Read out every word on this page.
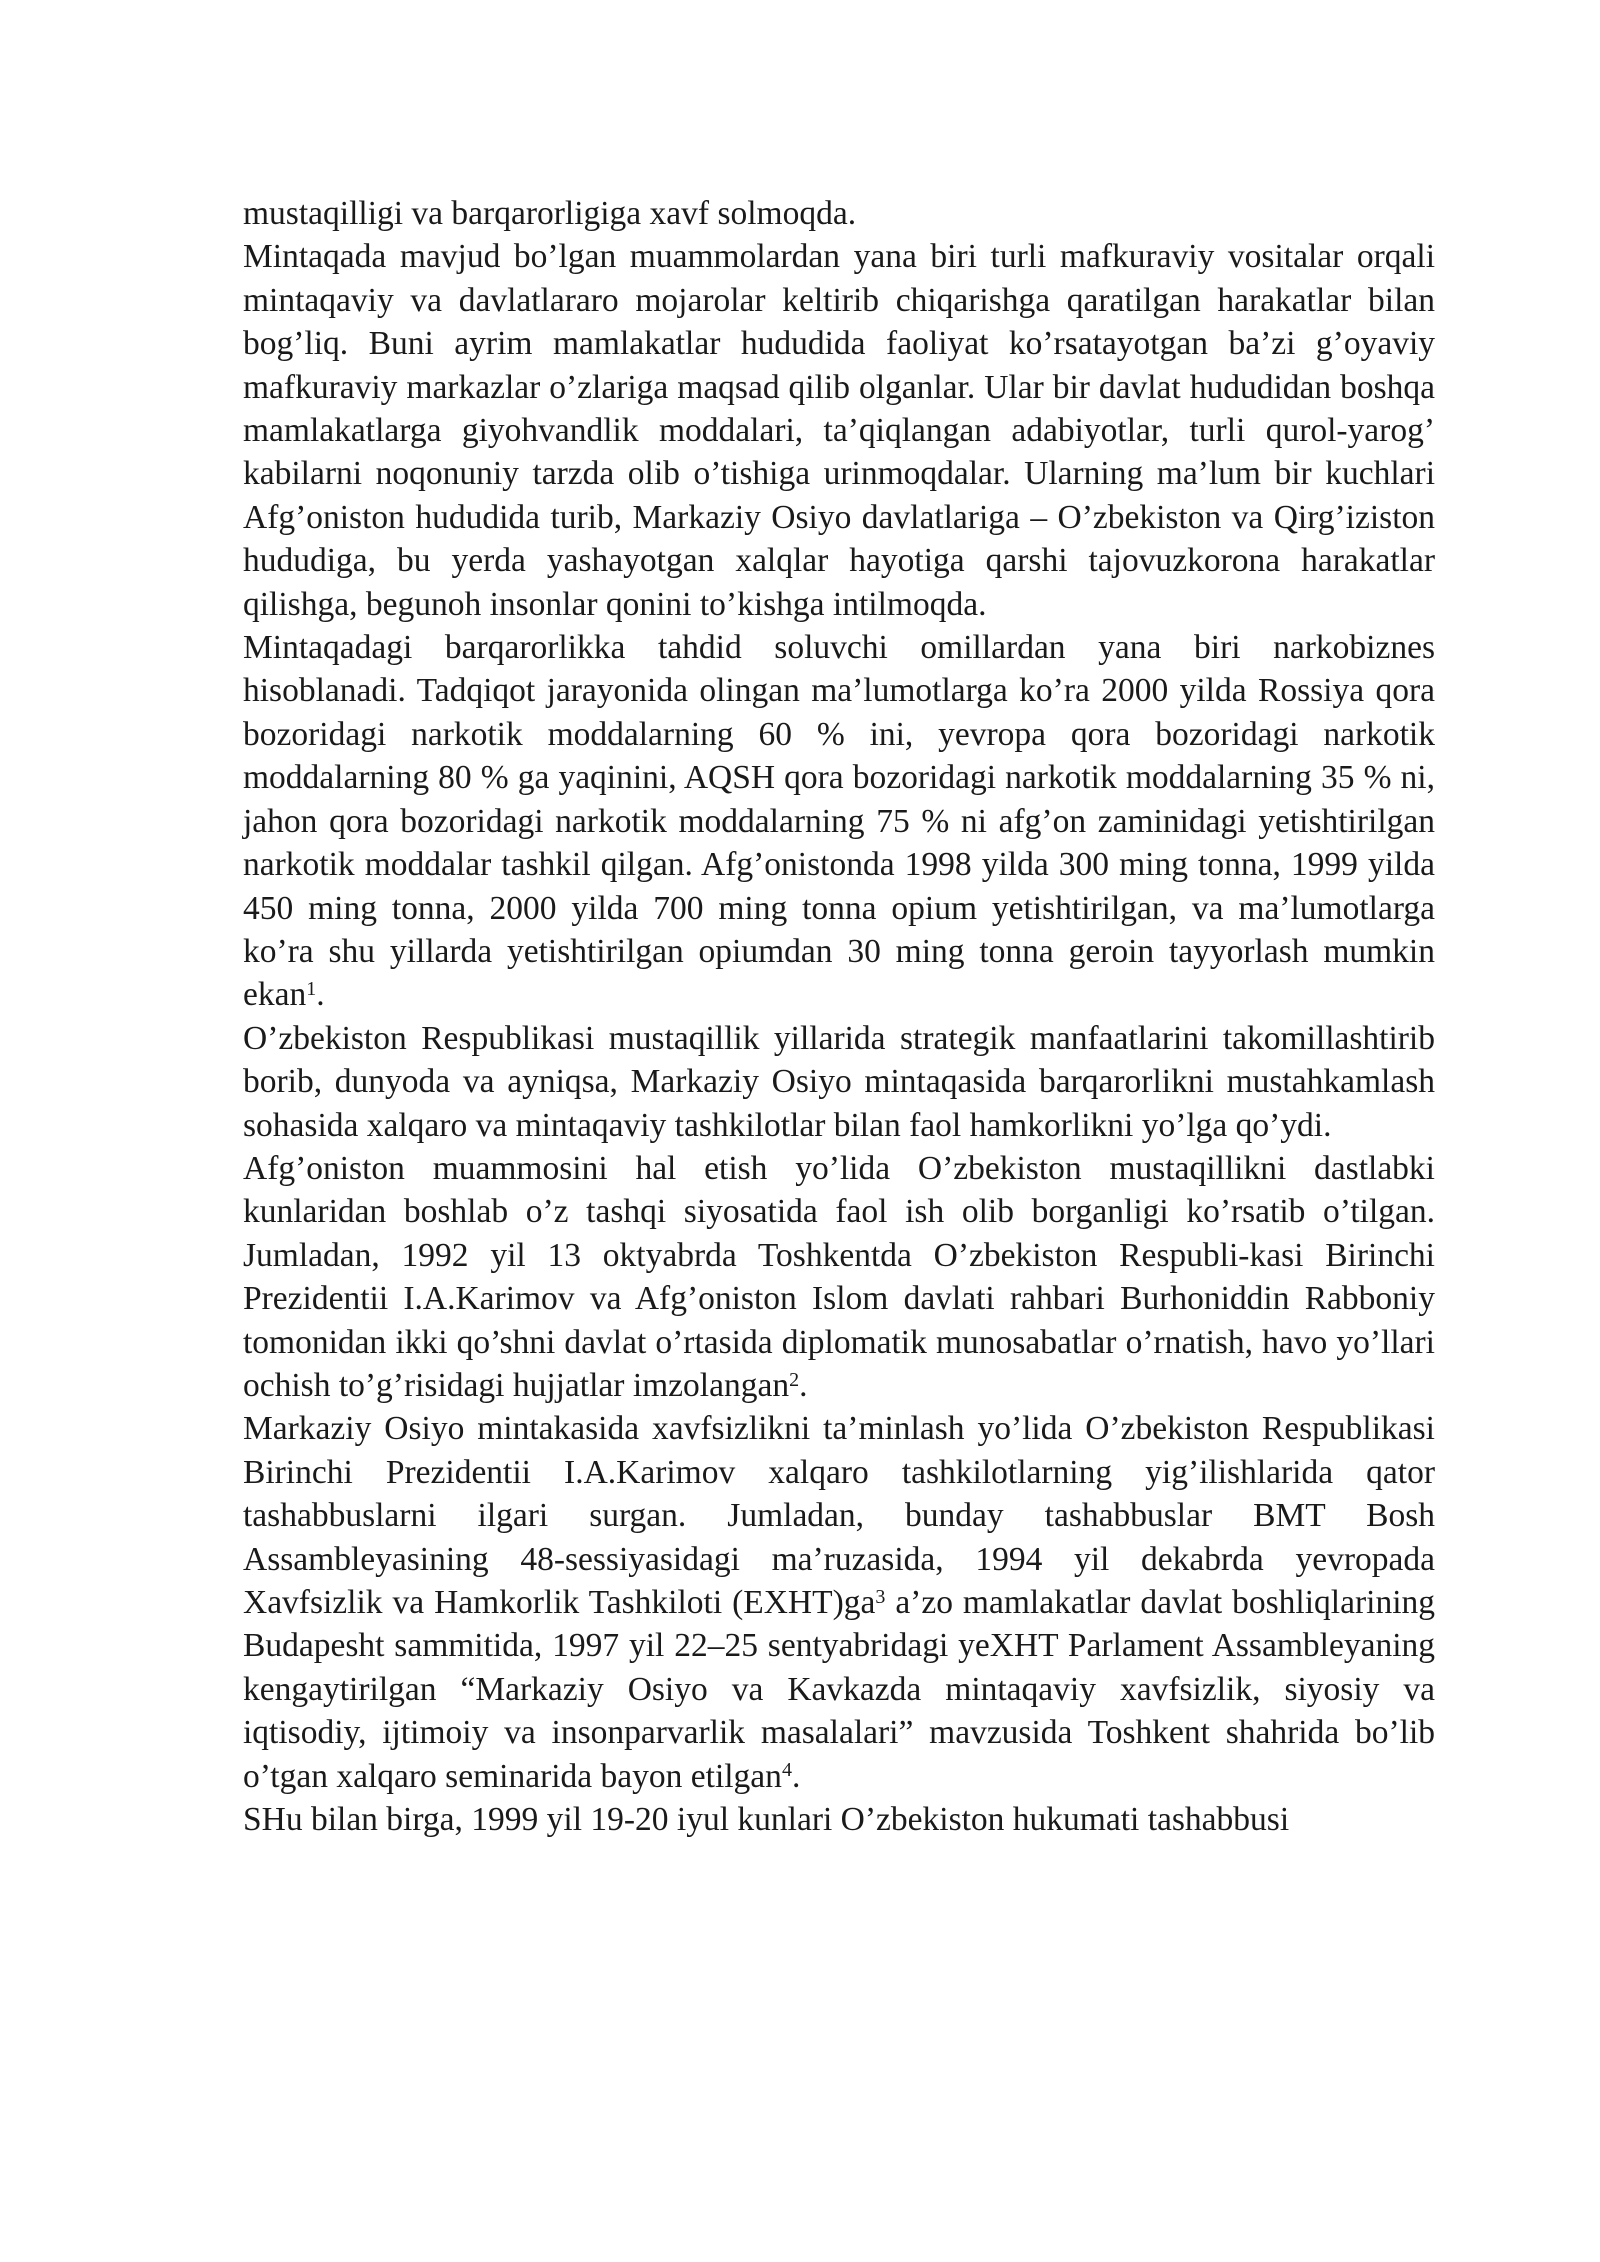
mustaqilligi va barqarorligiga xavf solmoqda.

Mintaqada mavjud bo’lgan muammolardan yana biri turli mafkuraviy vositalar orqali mintaqaviy va davlatlararo mojarolar keltirib chiqarishga qaratilgan harakatlar bilan bog’liq. Buni ayrim mamlakatlar hududida faoliyat ko’rsatayotgan ba’zi g’oyaviy mafkuraviy markazlar o’zlariga maqsad qilib olganlar. Ular bir davlat hududidan boshqa mamlakatlarga giyohvandlik moddalari, ta’qiqlangan adabiyotlar, turli qurol-yarog’ kabilarni noqonuniy tarzda olib o’tishiga urinmoqdalar. Ularning ma’lum bir kuchlari Afg’oniston hududida turib, Markaziy Osiyo davlatlariga – O’zbekiston va Qirg’iziston hududiga, bu yerda yashayotgan xalqlar hayotiga qarshi tajovuzkorona harakatlar qilishga, begunoh insonlar qonini to’kishga intilmoqda.

Mintaqadagi barqarorlikka tahdid soluvchi omillardan yana biri narkobiznes hisoblanadi. Tadqiqot jarayonida olingan ma’lumotlarga ko’ra 2000 yilda Rossiya qora bozoridagi narkotik moddalarning 60 % ini, yevropa qora bozoridagi narkotik moddalarning 80 % ga yaqinini, AQSH qora bozoridagi narkotik moddalarning 35 % ni, jahon qora bozoridagi narkotik moddalarning 75 % ni afg’on zaminidagi yetishtirilgan narkotik moddalar tashkil qilgan. Afg’onistonda 1998 yilda 300 ming tonna, 1999 yilda 450 ming tonna, 2000 yilda 700 ming tonna opium yetishtirilgan, va ma’lumotlarga ko’ra shu yillarda yetishtirilgan opiumdan 30 ming tonna geroin tayyorlash mumkin ekan$^1$.

O’zbekiston Respublikasi mustaqillik yillarida strategik manfaatlarini takomillashtirib borib, dunyoda va ayniqsa, Markaziy Osiyo mintaqasida barqarorlikni mustahkamlash sohasida xalqaro va mintaqaviy tashkilotlar bilan faol hamkorlikni yo’lga qo’ydi.

Afg’oniston muammosini hal etish yo’lida O’zbekiston mustaqillikni dastlabki kunlaridan boshlab o’z tashqi siyosatida faol ish olib borganligi ko’rsatib o’tilgan. Jumladan, 1992 yil 13 oktyabrda Toshkentda O’zbekiston Respubli-kasi Birinchi Prezidentii I.A.Karimov va Afg’oniston Islom davlati rahbari Burhoniddin Rabboniy tomonidan ikki qo’shni davlat o’rtasida diplomatik munosabatlar o’rnatish, havo yo’llari ochish to’g’risidagi hujjatlar imzolangan$^2$.

Markaziy Osiyo mintakasida xavfsizlikni ta’minlash yo’lida O’zbekiston Respublikasi Birinchi Prezidentii I.A.Karimov xalqaro tashkilotlarning yig’ilishlarida qator tashabbuslarni ilgari surgan. Jumladan, bunday tashabbuslar BMT Bosh Assambleyasining 48-sessiyasidagi ma’ruzasida, 1994 yil dekabrda yevropada Xavfsizlik va Hamkorlik Tashkiloti $(EXHT)ga^3$ a’zo mamlakatlar davlat boshliqlarining Budapesht sammitida, 1997 yil 22–25 sentyabridagi yeXHT Parlament Assambleyaning kengaytirilgan “Markaziy Osiyo va Kavkazda mintaqaviy xavfsizlik, siyosiy va iqtisodiy, ijtimoiy va insonparvarlik masalalari” mavzusida Toshkent shahrida bo’lib o’tgan xalqaro seminarida bayon etilgan$^4$.

SHu bilan birga, 1999 yil 19-20 iyul kunlari O’zbekiston hukumati tashabbusi
